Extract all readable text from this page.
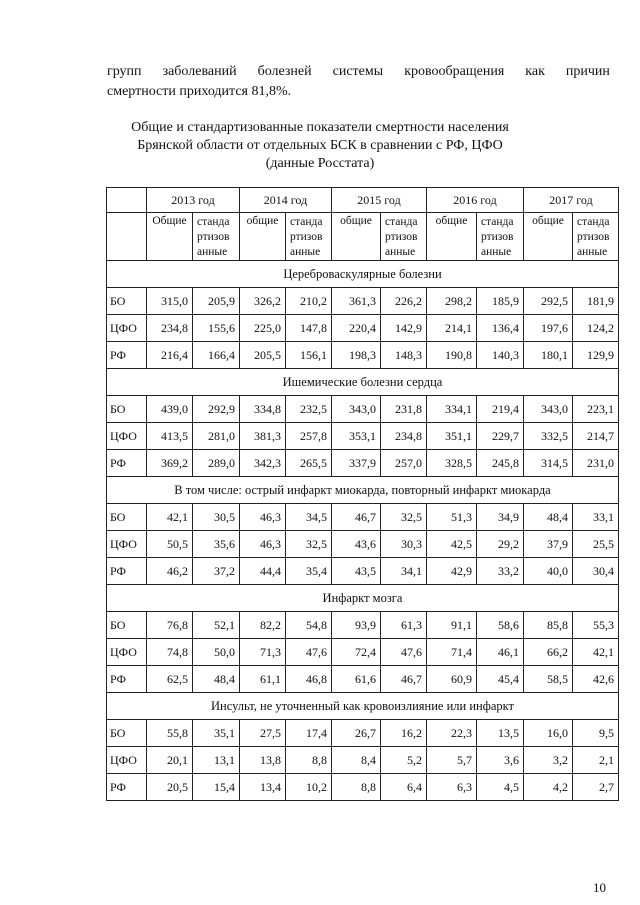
групп заболеваний болезней системы кровообращения как причин
смертности приходится 81,8%.
Общие и стандартизованные показатели смертности населения
Брянской области от отдельных БСК в сравнении с РФ, ЦФО
(данные Росстата)
	2013 год		2014 год		2015 год		2016 год		2017 год	

	Общие	станда ртизов анные	общие	станда ртизов анные	общие	станда ртизов анные	общие	станда ртизов анные	общие	станда ртизов анные

Цереброваскулярные болезни										
БО	315,0	205,9	326,2	210,2	361,3	226,2	298,2	185,9	292,5	181,9
ЦФО	234,8	155,6	225,0	147,8	220,4	142,9	214,1	136,4	197,6	124,2
РФ	216,4	166,4	205,5	156,1	198,3	148,3	190,8	140,3	180,1	129,9
Ишемические болезни сердца										
БО	439,0	292,9	334,8	232,5	343,0	231,8	334,1	219,4	343,0	223,1
ЦФО	413,5	281,0	381,3	257,8	353,1	234,8	351,1	229,7	332,5	214,7
РФ	369,2	289,0	342,3	265,5	337,9	257,0	328,5	245,8	314,5	231,0
В том числе: острый инфаркт миокарда, повторный инфаркт миокарда										
БО	42,1	30,5	46,3	34,5	46,7	32,5	51,3	34,9	48,4	33,1
ЦФО	50,5	35,6	46,3	32,5	43,6	30,3	42,5	29,2	37,9	25,5
РФ	46,2	37,2	44,4	35,4	43,5	34,1	42,9	33,2	40,0	30,4
Инфаркт мозга										
БО	76,8	52,1	82,2	54,8	93,9	61,3	91,1	58,6	85,8	55,3
ЦФО	74,8	50,0	71,3	47,6	72,4	47,6	71,4	46,1	66,2	42,1
РФ	62,5	48,4	61,1	46,8	61,6	46,7	60,9	45,4	58,5	42,6
Инсульт, не уточненный как кровоизлияние или инфаркт										
БО	55,8	35,1	27,5	17,4	26,7	16,2	22,3	13,5	16,0	9,5
ЦФО	20,1	13,1	13,8	8,8	8,4	5,2	5,7	3,6	3,2	2,1
РФ	20,5	15,4	13,4	10,2	8,8	6,4	6,3	4,5	4,2	2,7
10
